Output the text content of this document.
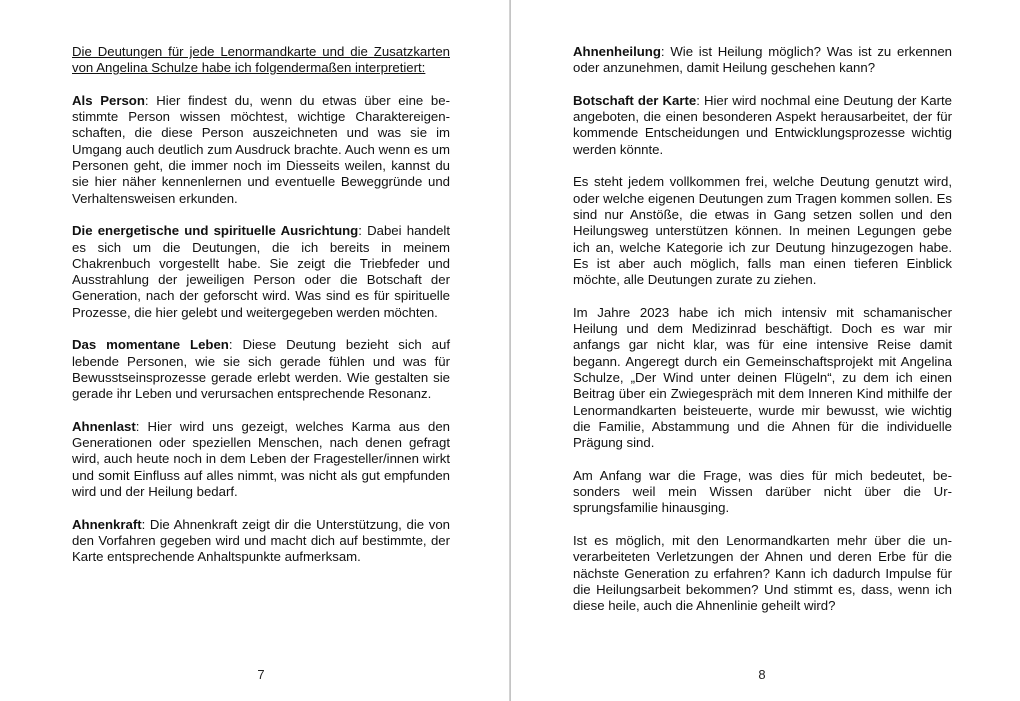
Die Deutungen für jede Lenormandkarte und die Zusatzkarten von Angelina Schulze habe ich folgendermaßen interpretiert:

Als Person: Hier findest du, wenn du etwas über eine bestimmte Person wissen möchtest, wichtige Charaktereigenschaften, die diese Person auszeichneten und was sie im Umgang auch deutlich zum Ausdruck brachte. Auch wenn es um Personen geht, die immer noch im Diesseits weilen, kannst du sie hier näher kennenlernen und eventuelle Beweggründe und Verhaltensweisen erkunden.

Die energetische und spirituelle Ausrichtung: Dabei handelt es sich um die Deutungen, die ich bereits in meinem Chakrenbuch vorgestellt habe. Sie zeigt die Triebfeder und Ausstrahlung der jeweiligen Person oder die Botschaft der Generation, nach der geforscht wird. Was sind es für spirituelle Prozesse, die hier gelebt und weitergegeben werden möchten.

Das momentane Leben: Diese Deutung bezieht sich auf lebende Personen, wie sie sich gerade fühlen und was für Bewusstseinsprozesse gerade erlebt werden. Wie gestalten sie gerade ihr Leben und verursachen entsprechende Resonanz.

Ahnenlast: Hier wird uns gezeigt, welches Karma aus den Generationen oder speziellen Menschen, nach denen gefragt wird, auch heute noch in dem Leben der Fragesteller/innen wirkt und somit Einfluss auf alles nimmt, was nicht als gut empfunden wird und der Heilung bedarf.

Ahnenkraft: Die Ahnenkraft zeigt dir die Unterstützung, die von den Vorfahren gegeben wird und macht dich auf bestimmte, der Karte entsprechende Anhaltspunkte aufmerksam.

7

Ahnenheilung: Wie ist Heilung möglich? Was ist zu erkennen oder anzunehmen, damit Heilung geschehen kann?

Botschaft der Karte: Hier wird nochmal eine Deutung der Karte angeboten, die einen besonderen Aspekt herausarbeitet, der für kommende Entscheidungen und Entwicklungsprozesse wichtig werden könnte.

Es steht jedem vollkommen frei, welche Deutung genutzt wird, oder welche eigenen Deutungen zum Tragen kommen sollen. Es sind nur Anstöße, die etwas in Gang setzen sollen und den Heilungsweg unterstützen können. In meinen Legungen gebe ich an, welche Kategorie ich zur Deutung hinzugezogen habe. Es ist aber auch möglich, falls man einen tieferen Einblick möchte, alle Deutungen zurate zu ziehen.

Im Jahre 2023 habe ich mich intensiv mit schamanischer Heilung und dem Medizinrad beschäftigt. Doch es war mir anfangs gar nicht klar, was für eine intensive Reise damit begann. Angeregt durch ein Gemeinschaftsprojekt mit Angelina Schulze, „Der Wind unter deinen Flügeln“, zu dem ich einen Beitrag über ein Zwiegespräch mit dem Inneren Kind mithilfe der Lenormandkarten beisteuerte, wurde mir bewusst, wie wichtig die Familie, Abstammung und die Ahnen für die individuelle Prägung sind.

Am Anfang war die Frage, was dies für mich bedeutet, besonders weil mein Wissen darüber nicht über die Ursprungsfamilie hinausging.

Ist es möglich, mit den Lenormandkarten mehr über die unverarbeiteten Verletzungen der Ahnen und deren Erbe für die nächste Generation zu erfahren? Kann ich dadurch Impulse für die Heilungsarbeit bekommen? Und stimmt es, dass, wenn ich diese heile, auch die Ahnenlinie geheilt wird?

8
